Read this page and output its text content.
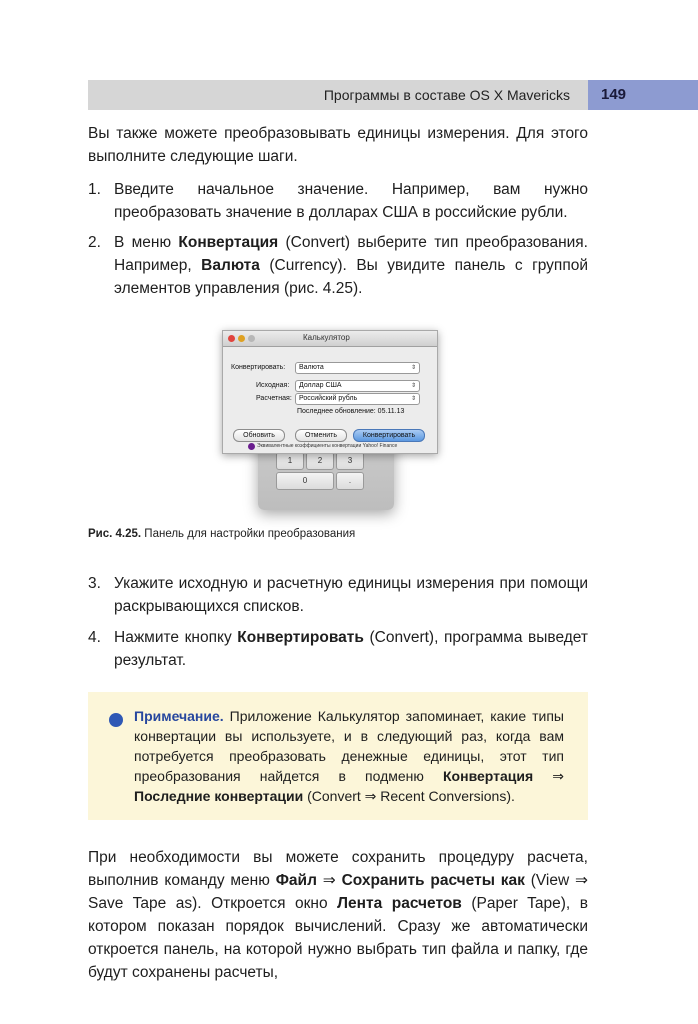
Программы в составе OS X Mavericks 149
Вы также можете преобразовывать единицы измерения. Для этого выполните следующие шаги.
1. Введите начальное значение. Например, вам нужно преобразовать значение в долларах США в российские рубли.
2. В меню Конвертация (Convert) выберите тип преобразования. Например, Валюта (Currency). Вы увидите панель с группой элементов управления (рис. 4.25).
1	2	3
0	.
Калькулятор
Конвертировать:	Валюта	⇕
Исходная:	Доллар США	⇕
Расчетная:	Российский рубль	⇕
Последнее обновление: 05.11.13
Обновить	Отменить	Конвертировать
Эквивалентные коэффициенты конвертации Yahoo! Finance
Рис. 4.25. Панель для настройки преобразования
3. Укажите исходную и расчетную единицы измерения при помощи раскрывающихся списков.
4. Нажмите кнопку Конвертировать (Convert), программа выведет результат.
Примечание. Приложение Калькулятор запоминает, какие типы конвертации вы используете, и в следующий раз, когда вам потребуется преобразовать денежные единицы, этот тип преобразования найдется в подменю Конвертация ⇒ Последние конвертации (Convert ⇒ Recent Conversions).
При необходимости вы можете сохранить процедуру расчета, выполнив команду меню Файл ⇒ Сохранить расчеты как (View ⇒ Save Tape as). Откроется окно Лента расчетов (Paper Tape), в котором показан порядок вычислений. Сразу же автоматически откроется панель, на которой нужно выбрать тип файла и папку, где будут сохранены расчеты,
